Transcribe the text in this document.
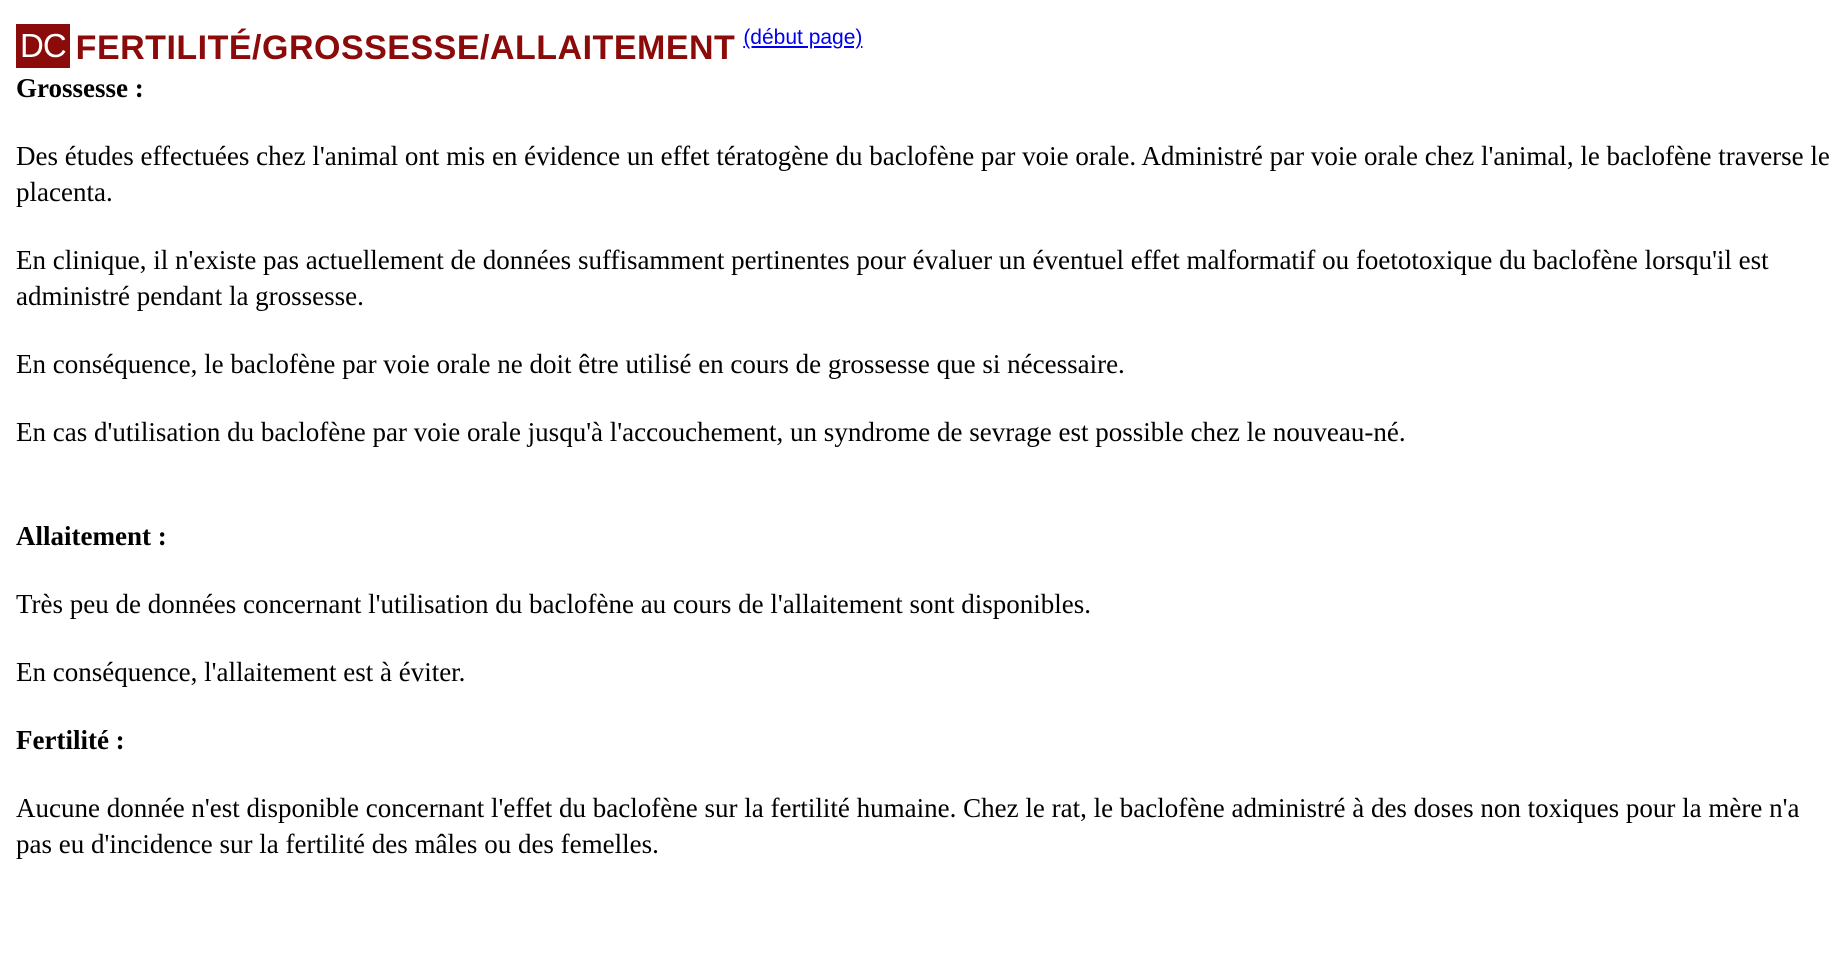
DC FERTILITÉ/GROSSESSE/ALLAITEMENT (début page)
Grossesse :

Des études effectuées chez l'animal ont mis en évidence un effet tératogène du baclofène par voie orale. Administré par voie orale chez l'animal, le baclofène traverse le placenta.

En clinique, il n'existe pas actuellement de données suffisamment pertinentes pour évaluer un éventuel effet malformatif ou foetotoxique du baclofène lorsqu'il est administré pendant la grossesse.

En conséquence, le baclofène par voie orale ne doit être utilisé en cours de grossesse que si nécessaire.

En cas d'utilisation du baclofène par voie orale jusqu'à l'accouchement, un syndrome de sevrage est possible chez le nouveau-né.

Allaitement :

Très peu de données concernant l'utilisation du baclofène au cours de l'allaitement sont disponibles.

En conséquence, l'allaitement est à éviter.

Fertilité :

Aucune donnée n'est disponible concernant l'effet du baclofène sur la fertilité humaine. Chez le rat, le baclofène administré à des doses non toxiques pour la mère n'a pas eu d'incidence sur la fertilité des mâles ou des femelles.
